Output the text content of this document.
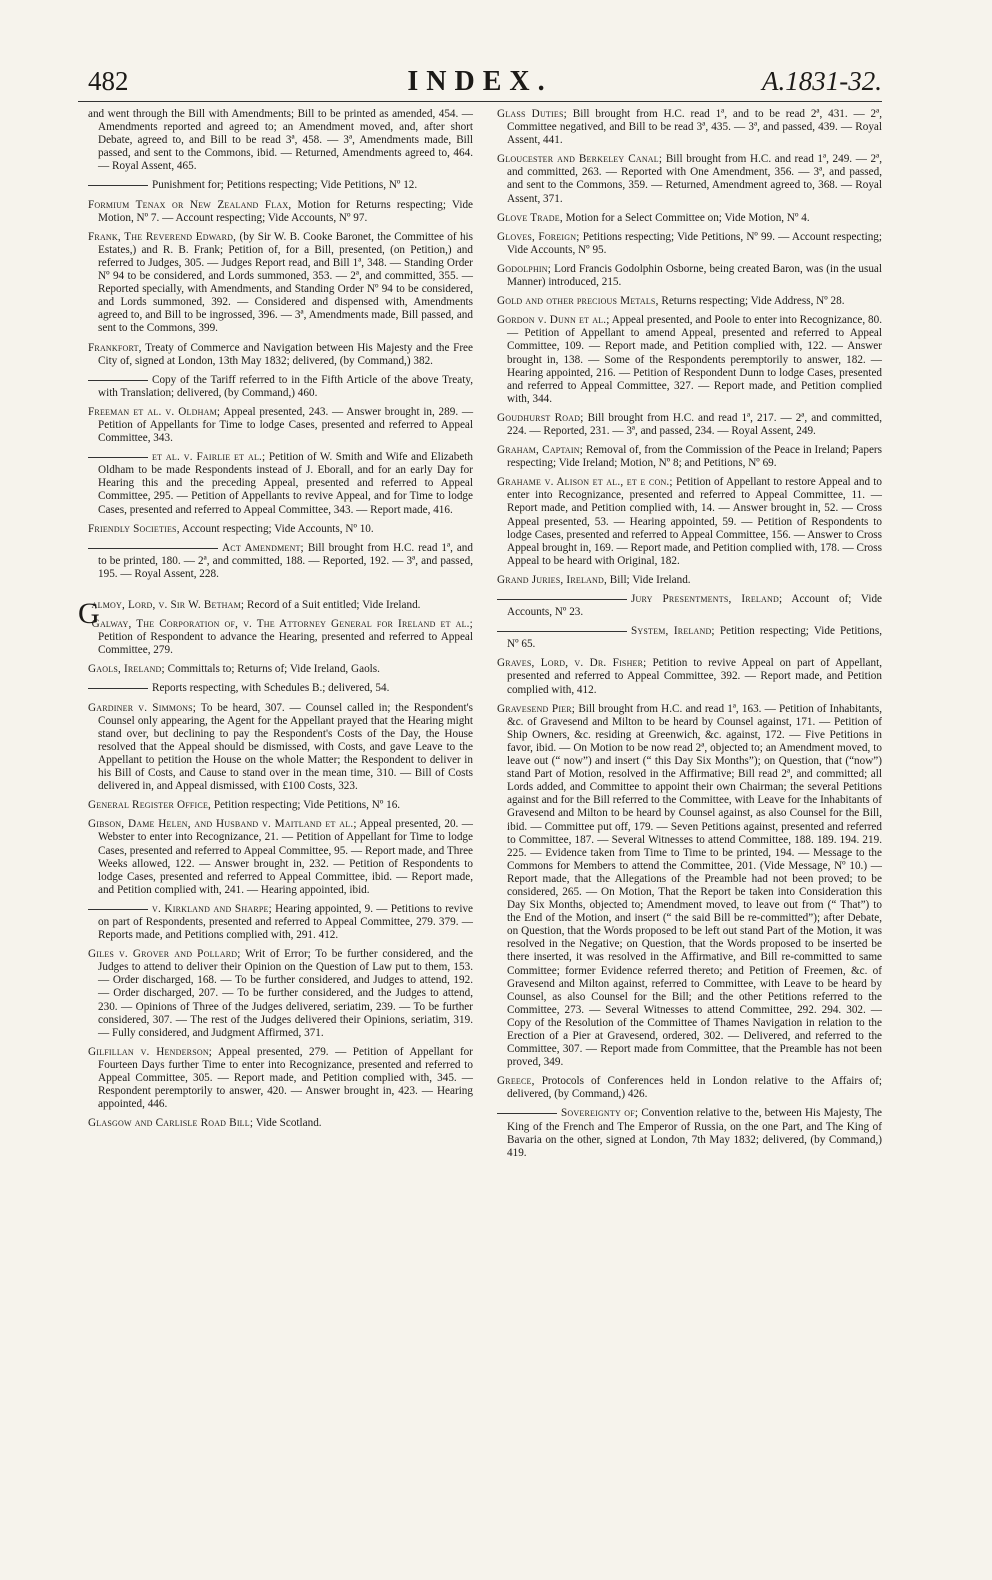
482	INDEX.	A.1831-32.

and went through the Bill with Amendments; Bill to be printed as amended, 454. — Amendments reported and agreed to; an Amendment moved, and, after short Debate, agreed to, and Bill to be read 3ª, 458. — 3ª, Amendments made, Bill passed, and sent to the Commons, ibid. — Returned, Amendments agreed to, 464. — Royal Assent, 465.

Punishment for; Petitions respecting; Vide Petitions, Nº 12.

Formium Tenax or New Zealand Flax, Motion for Returns respecting; Vide Motion, Nº 7. — Account respecting; Vide Accounts, Nº 97.

Frank, The Reverend Edward, (by Sir W. B. Cooke Baronet, the Committee of his Estates,) and R. B. Frank; Petition of, for a Bill, presented, (on Petition,) and referred to Judges, 305. — Judges Report read, and Bill 1ª, 348. — Standing Order Nº 94 to be considered, and Lords summoned, 353. — 2ª, and committed, 355. — Reported specially, with Amendments, and Standing Order Nº 94 to be considered, and Lords summoned, 392. — Considered and dispensed with, Amendments agreed to, and Bill to be ingrossed, 396. — 3ª, Amendments made, Bill passed, and sent to the Commons, 399.

Frankfort, Treaty of Commerce and Navigation between His Majesty and the Free City of, signed at London, 13th May 1832; delivered, (by Command,) 382.

Copy of the Tariff referred to in the Fifth Article of the above Treaty, with Translation; delivered, (by Command,) 460.

Freeman et al. v. Oldham; Appeal presented, 243. — Answer brought in, 289. — Petition of Appellants for Time to lodge Cases, presented and referred to Appeal Committee, 343.

et al. v. Fairlie et al.; Petition of W. Smith and Wife and Elizabeth Oldham to be made Respondents instead of J. Eborall, and for an early Day for Hearing this and the preceding Appeal, presented and referred to Appeal Committee, 295. — Petition of Appellants to revive Appeal, and for Time to lodge Cases, presented and referred to Appeal Committee, 343. — Report made, 416.

Friendly Societies, Account respecting; Vide Accounts, Nº 10.

Act Amendment; Bill brought from H.C. read 1ª, and to be printed, 180. — 2ª, and committed, 188. — Reported, 192. — 3ª, and passed, 195. — Royal Assent, 228.

G
almoy, Lord, v. Sir W. Betham; Record of a Suit entitled; Vide Ireland.

Galway, The Corporation of, v. The Attorney General for Ireland et al.; Petition of Respondent to advance the Hearing, presented and referred to Appeal Committee, 279.

Gaols, Ireland; Committals to; Returns of; Vide Ireland, Gaols.

Reports respecting, with Schedules B.; delivered, 54.

Gardiner v. Simmons; To be heard, 307. — Counsel called in; the Respondent's Counsel only appearing, the Agent for the Appellant prayed that the Hearing might stand over, but declining to pay the Respondent's Costs of the Day, the House resolved that the Appeal should be dismissed, with Costs, and gave Leave to the Appellant to petition the House on the whole Matter; the Respondent to deliver in his Bill of Costs, and Cause to stand over in the mean time, 310. — Bill of Costs delivered in, and Appeal dismissed, with £100 Costs, 323.

General Register Office, Petition respecting; Vide Petitions, Nº 16.

Gibson, Dame Helen, and Husband v. Maitland et al.; Appeal presented, 20. — Webster to enter into Recognizance, 21. — Petition of Appellant for Time to lodge Cases, presented and referred to Appeal Committee, 95. — Report made, and Three Weeks allowed, 122. — Answer brought in, 232. — Petition of Respondents to lodge Cases, presented and referred to Appeal Committee, ibid. — Report made, and Petition complied with, 241. — Hearing appointed, ibid.

v. Kirkland and Sharpe; Hearing appointed, 9. — Petitions to revive on part of Respondents, presented and referred to Appeal Committee, 279. 379. — Reports made, and Petitions complied with, 291. 412.

Giles v. Grover and Pollard; Writ of Error; To be further considered, and the Judges to attend to deliver their Opinion on the Question of Law put to them, 153. — Order discharged, 168. — To be further considered, and Judges to attend, 192. — Order discharged, 207. — To be further considered, and the Judges to attend, 230. — Opinions of Three of the Judges delivered, seriatim, 239. — To be further considered, 307. — The rest of the Judges delivered their Opinions, seriatim, 319. — Fully considered, and Judgment Affirmed, 371.

Gilfillan v. Henderson; Appeal presented, 279. — Petition of Appellant for Fourteen Days further Time to enter into Recognizance, presented and referred to Appeal Committee, 305. — Report made, and Petition complied with, 345. — Respondent peremptorily to answer, 420. — Answer brought in, 423. — Hearing appointed, 446.

Glasgow and Carlisle Road Bill; Vide Scotland.

Glass Duties; Bill brought from H.C. read 1ª, and to be read 2ª, 431. — 2ª, Committee negatived, and Bill to be read 3ª, 435. — 3ª, and passed, 439. — Royal Assent, 441.

Gloucester and Berkeley Canal; Bill brought from H.C. and read 1ª, 249. — 2ª, and committed, 263. — Reported with One Amendment, 356. — 3ª, and passed, and sent to the Commons, 359. — Returned, Amendment agreed to, 368. — Royal Assent, 371.

Glove Trade, Motion for a Select Committee on; Vide Motion, Nº 4.

Gloves, Foreign; Petitions respecting; Vide Petitions, Nº 99. — Account respecting; Vide Accounts, Nº 95.

Godolphin; Lord Francis Godolphin Osborne, being created Baron, was (in the usual Manner) introduced, 215.

Gold and other precious Metals, Returns respecting; Vide Address, Nº 28.

Gordon v. Dunn et al.; Appeal presented, and Poole to enter into Recognizance, 80. — Petition of Appellant to amend Appeal, presented and referred to Appeal Committee, 109. — Report made, and Petition complied with, 122. — Answer brought in, 138. — Some of the Respondents peremptorily to answer, 182. — Hearing appointed, 216. — Petition of Respondent Dunn to lodge Cases, presented and referred to Appeal Committee, 327. — Report made, and Petition complied with, 344.

Goudhurst Road; Bill brought from H.C. and read 1ª, 217. — 2ª, and committed, 224. — Reported, 231. — 3ª, and passed, 234. — Royal Assent, 249.

Graham, Captain; Removal of, from the Commission of the Peace in Ireland; Papers respecting; Vide Ireland; Motion, Nº 8; and Petitions, Nº 69.

Grahame v. Alison et al., et e con.; Petition of Appellant to restore Appeal and to enter into Recognizance, presented and referred to Appeal Committee, 11. — Report made, and Petition complied with, 14. — Answer brought in, 52. — Cross Appeal presented, 53. — Hearing appointed, 59. — Petition of Respondents to lodge Cases, presented and referred to Appeal Committee, 156. — Answer to Cross Appeal brought in, 169. — Report made, and Petition complied with, 178. — Cross Appeal to be heard with Original, 182.

Grand Juries, Ireland, Bill; Vide Ireland.

Jury Presentments, Ireland; Account of; Vide Accounts, Nº 23.

System, Ireland; Petition respecting; Vide Petitions, Nº 65.

Graves, Lord, v. Dr. Fisher; Petition to revive Appeal on part of Appellant, presented and referred to Appeal Committee, 392. — Report made, and Petition complied with, 412.

Gravesend Pier; Bill brought from H.C. and read 1ª, 163. — Petition of Inhabitants, &c. of Gravesend and Milton to be heard by Counsel against, 171. — Petition of Ship Owners, &c. residing at Greenwich, &c. against, 172. — Five Petitions in favor, ibid. — On Motion to be now read 2ª, objected to; an Amendment moved, to leave out (“ now”) and insert (“ this Day Six Months”); on Question, that (“now”) stand Part of Motion, resolved in the Affirmative; Bill read 2ª, and committed; all Lords added, and Committee to appoint their own Chairman; the several Petitions against and for the Bill referred to the Committee, with Leave for the Inhabitants of Gravesend and Milton to be heard by Counsel against, as also Counsel for the Bill, ibid. — Committee put off, 179. — Seven Petitions against, presented and referred to Committee, 187. — Several Witnesses to attend Committee, 188. 189. 194. 219. 225. — Evidence taken from Time to Time to be printed, 194. — Message to the Commons for Members to attend the Committee, 201. (Vide Message, Nº 10.) — Report made, that the Allegations of the Preamble had not been proved; to be considered, 265. — On Motion, That the Report be taken into Consideration this Day Six Months, objected to; Amendment moved, to leave out from (“ That”) to the End of the Motion, and insert (“ the said Bill be re-committed”); after Debate, on Question, that the Words proposed to be left out stand Part of the Motion, it was resolved in the Negative; on Question, that the Words proposed to be inserted be there inserted, it was resolved in the Affirmative, and Bill re-committed to same Committee; former Evidence referred thereto; and Petition of Freemen, &c. of Gravesend and Milton against, referred to Committee, with Leave to be heard by Counsel, as also Counsel for the Bill; and the other Petitions referred to the Committee, 273. — Several Witnesses to attend Committee, 292. 294. 302. — Copy of the Resolution of the Committee of Thames Navigation in relation to the Erection of a Pier at Gravesend, ordered, 302. — Delivered, and referred to the Committee, 307. — Report made from Committee, that the Preamble has not been proved, 349.

Greece, Protocols of Conferences held in London relative to the Affairs of; delivered, (by Command,) 426.

Sovereignty of; Convention relative to the, between His Majesty, The King of the French and The Emperor of Russia, on the one Part, and The King of Bavaria on the other, signed at London, 7th May 1832; delivered, (by Command,) 419.
